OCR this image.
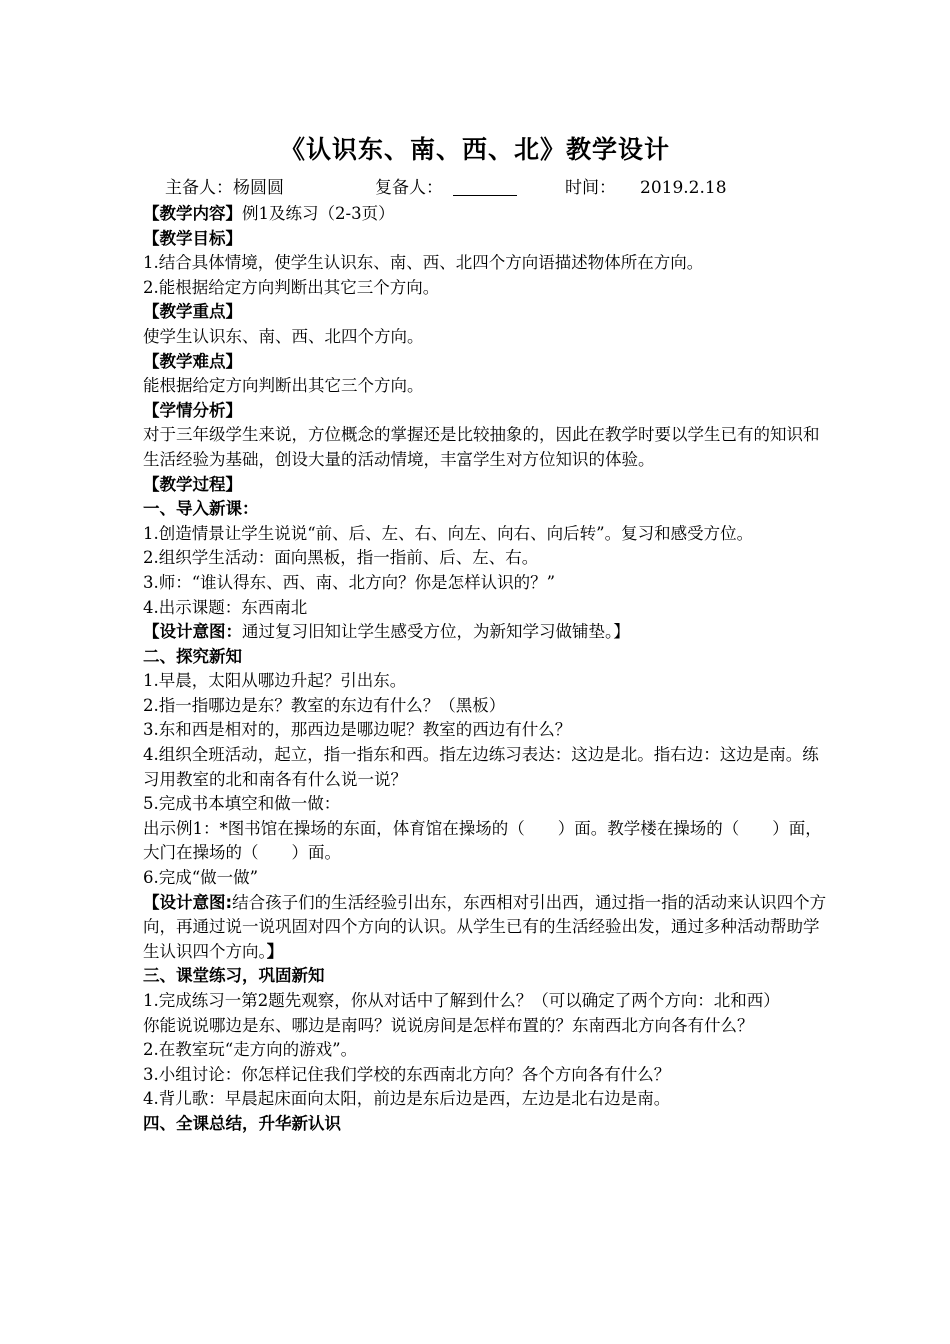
《认识东、南、西、北》教学设计
主备人：杨圆圆	复备人：	时间： 2019.2.18

【教学内容】例1及练习（2-3页）

【教学目标】

1.结合具体情境，使学生认识东、南、西、北四个方向语描述物体所在方向。

2.能根据给定方向判断出其它三个方向。

【教学重点】

使学生认识东、南、西、北四个方向。

【教学难点】

能根据给定方向判断出其它三个方向。

【学情分析】

对于三年级学生来说，方位概念的掌握还是比较抽象的，因此在教学时要以学生已有的知识和生活经验为基础，创设大量的活动情境，丰富学生对方位知识的体验。

【教学过程】

一、导入新课：

1.创造情景让学生说说“前、后、左、右、向左、向右、向后转”。复习和感受方位。

2.组织学生活动：面向黑板，指一指前、后、左、右。

3.师：“谁认得东、西、南、北方向？你是怎样认识的？”

4.出示课题：东西南北

【设计意图：通过复习旧知让学生感受方位，为新知学习做铺垫。】

二、探究新知

1.早晨，太阳从哪边升起？引出东。

2.指一指哪边是东？教室的东边有什么？（黑板）

3.东和西是相对的，那西边是哪边呢？教室的西边有什么？

4.组织全班活动，起立，指一指东和西。指左边练习表达：这边是北。指右边：这边是南。练习用教室的北和南各有什么说一说？

5.完成书本填空和做一做：

出示例1：*图书馆在操场的东面，体育馆在操场的（　　）面。教学楼在操场的（　　）面，大门在操场的（　　）面。

6.完成“做一做”

【设计意图:结合孩子们的生活经验引出东，东西相对引出西，通过指一指的活动来认识四个方向，再通过说一说巩固对四个方向的认识。从学生已有的生活经验出发，通过多种活动帮助学生认识四个方向。】

三、课堂练习，巩固新知

1.完成练习一第2题先观察，你从对话中了解到什么？（可以确定了两个方向：北和西）

你能说说哪边是东、哪边是南吗？说说房间是怎样布置的？东南西北方向各有什么？

2.在教室玩“走方向的游戏”。

3.小组讨论：你怎样记住我们学校的东西南北方向？各个方向各有什么？

4.背儿歌：早晨起床面向太阳，前边是东后边是西，左边是北右边是南。

四、全课总结，升华新认识
